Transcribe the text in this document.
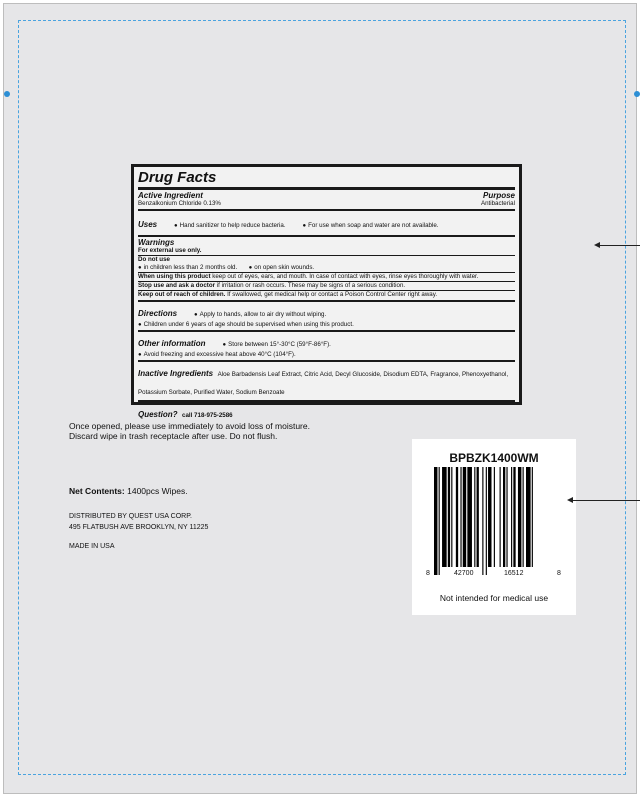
Drug Facts
Active Ingredient	Purpose
Benzalkonium Chloride 0.13%	Antibacterial
Uses	● Hand sanitizer to help reduce bacteria.	● For use when soap and water are not available.
Warnings
For external use only.
Do not use
● in children less than 2 months old.	● on open skin wounds.
When using this product keep out of eyes, ears, and mouth. In case of contact with eyes, rinse eyes thoroughly with water.
Stop use and ask a doctor if irritation or rash occurs. These may be signs of a serious condition.
Keep out of reach of children. If swallowed, get medical help or contact a Poison Control Center right away.
Directions	● Apply to hands, allow to air dry without wiping.
● Children under 6 years of age should be supervised when using this product.
Other information	● Store between 15°-30°C (59°F-86°F).
● Avoid freezing and excessive heat above 40°C (104°F).
Inactive Ingredients Aloe Barbadensis Leaf Extract, Citric Acid, Decyl Glucoside, Disodium EDTA, Fragrance, Phenoxyethanol, Potassium Sorbate, Purified Water, Sodium Benzoate
Question? call 718-975-2586
Once opened, please use immediately to avoid loss of moisture.
Discard wipe in trash receptacle after use. Do not flush.
Net Contents: 1400pcs Wipes.
DISTRIBUTED BY QUEST USA CORP.
495 FLATBUSH AVE BROOKLYN, NY 11225
MADE IN USA
BPBZK1400WM
8	42700	16512	8
Not intended for medical use
